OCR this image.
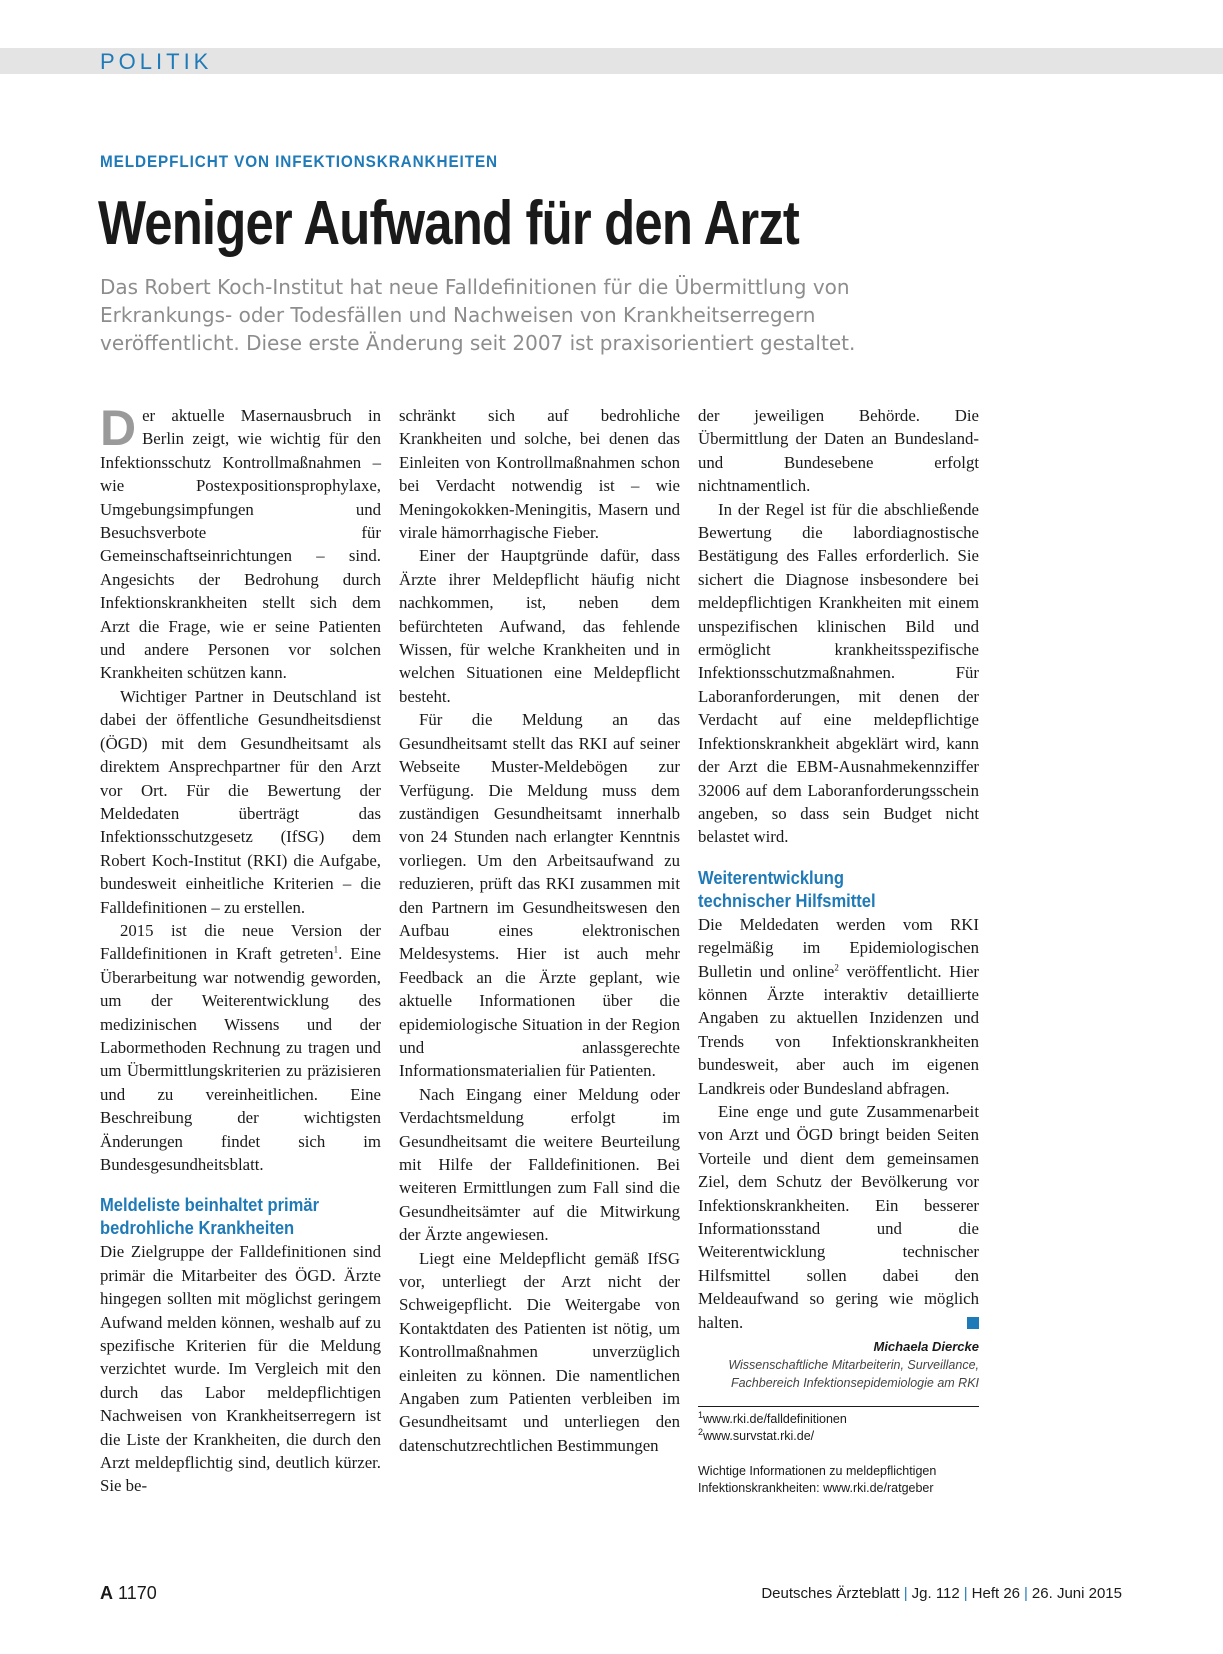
POLITIK
MELDEPFLICHT VON INFEKTIONSKRANKHEITEN
Weniger Aufwand für den Arzt
Das Robert Koch-Institut hat neue Falldefinitionen für die Übermittlung von Erkrankungs- oder Todesfällen und Nachweisen von Krankheitserregern veröffentlicht. Diese erste Änderung seit 2007 ist praxisorientiert gestaltet.

Der aktuelle Masernausbruch in Berlin zeigt, wie wichtig für den Infektionsschutz Kontrollmaßnahmen – wie Postexpositionsprophylaxe, Umgebungsimpfungen und Besuchsverbote für Gemeinschaftseinrichtungen – sind. Angesichts der Bedrohung durch Infektionskrankheiten stellt sich dem Arzt die Frage, wie er seine Patienten und andere Personen vor solchen Krankheiten schützen kann.

Wichtiger Partner in Deutschland ist dabei der öffentliche Gesundheitsdienst (ÖGD) mit dem Gesundheitsamt als direktem Ansprechpartner für den Arzt vor Ort. Für die Bewertung der Meldedaten überträgt das Infektionsschutzgesetz (IfSG) dem Robert Koch-Institut (RKI) die Aufgabe, bundesweit einheitliche Kriterien – die Falldefinitionen – zu erstellen.

2015 ist die neue Version der Falldefinitionen in Kraft getreten$^1$. Eine Überarbeitung war notwendig geworden, um der Weiterentwicklung des medizinischen Wissens und der Labormethoden Rechnung zu tragen und um Übermittlungskriterien zu präzisieren und zu vereinheitlichen. Eine Beschreibung der wichtigsten Änderungen findet sich im Bundesgesundheitsblatt.

Meldeliste beinhaltet primär
bedrohliche Krankheiten

Die Zielgruppe der Falldefinitionen sind primär die Mitarbeiter des ÖGD. Ärzte hingegen sollten mit möglichst geringem Aufwand melden können, weshalb auf zu spezifische Kriterien für die Meldung verzichtet wurde. Im Vergleich mit den durch das Labor meldepflichtigen Nachweisen von Krankheitserregern ist die Liste der Krankheiten, die durch den Arzt meldepflichtig sind, deutlich kürzer. Sie be-

schränkt sich auf bedrohliche Krankheiten und solche, bei denen das Einleiten von Kontrollmaßnahmen schon bei Verdacht notwendig ist – wie Meningokokken-Meningitis, Masern und virale hämorrhagische Fieber.

Einer der Hauptgründe dafür, dass Ärzte ihrer Meldepflicht häufig nicht nachkommen, ist, neben dem befürchteten Aufwand, das fehlende Wissen, für welche Krankheiten und in welchen Situationen eine Meldepflicht besteht.

Für die Meldung an das Gesundheitsamt stellt das RKI auf seiner Webseite Muster-Meldebögen zur Verfügung. Die Meldung muss dem zuständigen Gesundheitsamt innerhalb von 24 Stunden nach erlangter Kenntnis vorliegen. Um den Arbeitsaufwand zu reduzieren, prüft das RKI zusammen mit den Partnern im Gesundheitswesen den Aufbau eines elektronischen Meldesystems. Hier ist auch mehr Feedback an die Ärzte geplant, wie aktuelle Informationen über die epidemiologische Situation in der Region und anlassgerechte Informationsmaterialien für Patienten.

Nach Eingang einer Meldung oder Verdachtsmeldung erfolgt im Gesundheitsamt die weitere Beurteilung mit Hilfe der Falldefinitionen. Bei weiteren Ermittlungen zum Fall sind die Gesundheitsämter auf die Mitwirkung der Ärzte angewiesen.

Liegt eine Meldepflicht gemäß IfSG vor, unterliegt der Arzt nicht der Schweigepflicht. Die Weitergabe von Kontaktdaten des Patienten ist nötig, um Kontrollmaßnahmen unverzüglich einleiten zu können. Die namentlichen Angaben zum Patienten verbleiben im Gesundheitsamt und unterliegen den datenschutzrechtlichen Bestimmungen

der jeweiligen Behörde. Die Übermittlung der Daten an Bundesland- und Bundesebene erfolgt nichtnamentlich.

In der Regel ist für die abschließende Bewertung die labordiagnostische Bestätigung des Falles erforderlich. Sie sichert die Diagnose insbesondere bei meldepflichtigen Krankheiten mit einem unspezifischen klinischen Bild und ermöglicht krankheitsspezifische Infektionsschutzmaßnahmen. Für Laboranforderungen, mit denen der Verdacht auf eine meldepflichtige Infektionskrankheit abgeklärt wird, kann der Arzt die EBM-Ausnahmekennziffer 32006 auf dem Laboranforderungsschein angeben, so dass sein Budget nicht belastet wird.

Weiterentwicklung
technischer Hilfsmittel

Die Meldedaten werden vom RKI regelmäßig im Epidemiologischen Bulletin und online$^2$ veröffentlicht. Hier können Ärzte interaktiv detaillierte Angaben zu aktuellen Inzidenzen und Trends von Infektionskrankheiten bundesweit, aber auch im eigenen Landkreis oder Bundesland abfragen.

Eine enge und gute Zusammenarbeit von Arzt und ÖGD bringt beiden Seiten Vorteile und dient dem gemeinsamen Ziel, dem Schutz der Bevölkerung vor Infektionskrankheiten. Ein besserer Informationsstand und die Weiterentwicklung technischer Hilfsmittel sollen dabei den Meldeaufwand so gering wie möglich halten.

Michaela Diercke
Wissenschaftliche Mitarbeiterin, Surveillance,
Fachbereich Infektionsepidemiologie am RKI
$^1$www.rki.de/falldefinitionen
$^2$www.survstat.rki.de/
Wichtige Informationen zu meldepflichtigen
Infektionskrankheiten: www.rki.de/ratgeber
A 1170	Deutsches Ärzteblatt | Jg. 112 | Heft 26 | 26. Juni 2015
